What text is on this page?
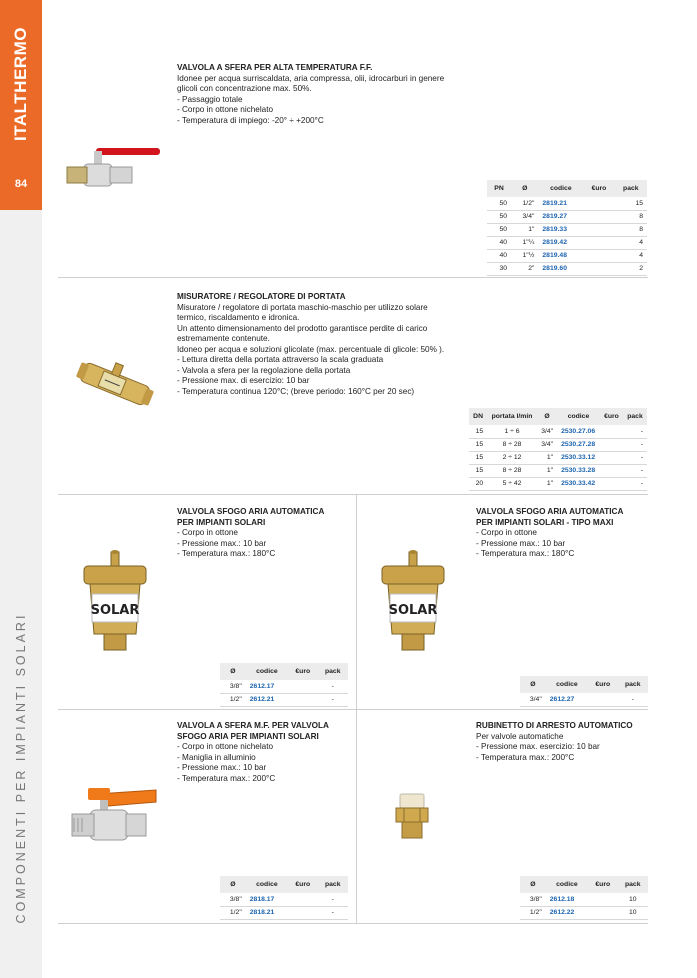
ITALTHERMO
84
COMPONENTI PER IMPIANTI SOLARI
VALVOLA A SFERA PER ALTA TEMPERATURA F.F.
Idonee per acqua surriscaldata, aria compressa, olii, idrocarburi in genere
glicoli con concentrazione max. 50%.
- Passaggio totale
- Corpo in ottone nichelato
- Temperatura di impiego: -20° ÷ +200°C
PN	Ø	codice	€uro	pack
50	1/2"	2819.21		15
50	3/4"	2819.27		8
50	1"	2819.33		8
40	1"¼	2819.42		4
40	1"½	2819.48		4
30	2"	2819.60		2
MISURATORE / REGOLATORE DI PORTATA
Misuratore / regolatore di portata maschio-maschio per utilizzo solare
termico, riscaldamento e idronica.
Un attento dimensionamento del prodotto garantisce perdite di carico
estremamente contenute.
Idoneo per acqua e soluzioni glicolate (max. percentuale di glicole: 50% ).
- Lettura diretta della portata attraverso la scala graduata
- Valvola a sfera per la regolazione della portata
- Pressione max. di esercizio: 10 bar
- Temperatura continua 120°C; (breve periodo: 160°C per 20 sec)
DN	portata l/min	Ø	codice	€uro	pack
15	1 ÷ 6	3/4"	2530.27.06		-
15	8 ÷ 28	3/4"	2530.27.28		-
15	2 ÷ 12	1"	2530.33.12		-
15	8 ÷ 28	1"	2530.33.28		-
20	5 ÷ 42	1"	2530.33.42		-
VALVOLA SFOGO ARIA AUTOMATICA
PER IMPIANTI SOLARI
- Corpo in ottone
- Pressione max.: 10 bar
- Temperatura max.: 180°C
SOLAR
Ø	codice	€uro	pack
3/8"	2612.17		-
1/2"	2612.21		-
VALVOLA SFOGO ARIA AUTOMATICA
PER IMPIANTI SOLARI - TIPO MAXI
- Corpo in ottone
- Pressione max.: 10 bar
- Temperatura max.: 180°C
SOLAR
Ø	codice	€uro	pack
3/4"	2612.27		-
VALVOLA A SFERA M.F. PER VALVOLA
SFOGO ARIA PER IMPIANTI SOLARI
- Corpo in ottone nichelato
- Maniglia in alluminio
- Pressione max.: 10 bar
- Temperatura max.: 200°C
Ø	codice	€uro	pack
3/8"	2818.17		-
1/2"	2818.21		-
RUBINETTO DI ARRESTO AUTOMATICO
Per valvole automatiche
- Pressione max. esercizio: 10 bar
- Temperatura max.: 200°C
Ø	codice	€uro	pack
3/8"	2612.18		10
1/2"	2612.22		10
